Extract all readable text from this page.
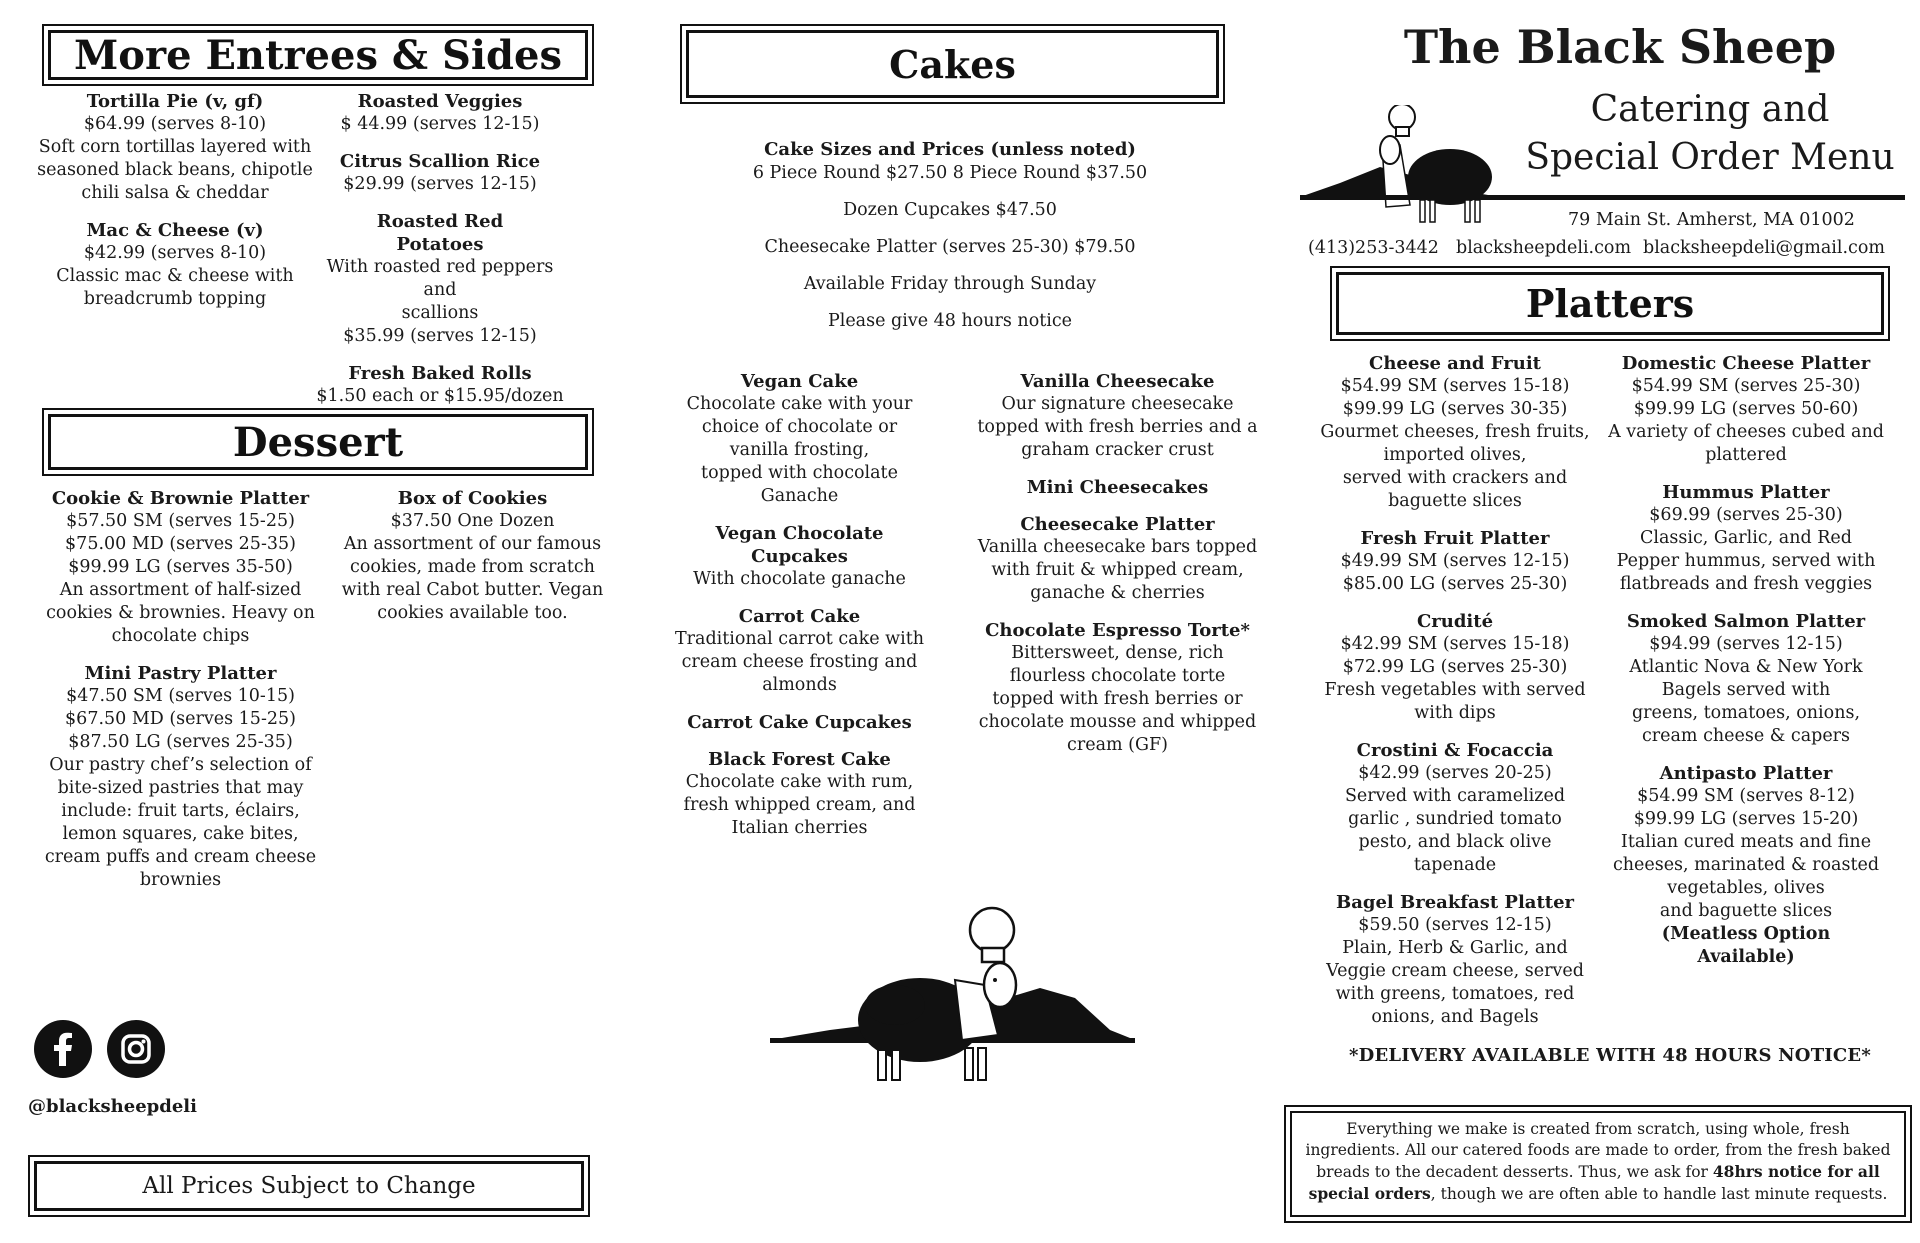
More Entrees & Sides
Tortilla Pie (v, gf)
$64.99 (serves 8-10)
Soft corn tortillas layered with
seasoned black beans, chipotle
chili salsa & cheddar
Mac & Cheese (v)
$42.99 (serves 8-10)
Classic mac & cheese with
breadcrumb topping
Roasted Veggies
$ 44.99 (serves 12-15)
Citrus Scallion Rice
$29.99 (serves 12-15)
Roasted Red
Potatoes
With roasted red peppers and
scallions
$35.99 (serves 12-15)
Fresh Baked Rolls
$1.50 each or $15.95/dozen
Dessert
Cookie & Brownie Platter
$57.50 SM (serves 15-25)
$75.00 MD (serves 25-35)
$99.99 LG (serves 35-50)
An assortment of half-sized
cookies & brownies. Heavy on
chocolate chips
Mini Pastry Platter
$47.50 SM (serves 10-15)
$67.50 MD (serves 15-25)
$87.50 LG (serves 25-35)
Our pastry chef’s selection of
bite-sized pastries that may
include: fruit tarts, éclairs,
lemon squares, cake bites,
cream puffs and cream cheese
brownies
Box of Cookies
$37.50 One Dozen
An assortment of our famous
cookies, made from scratch
with real Cabot butter. Vegan
cookies available too.
@blacksheepdeli
All Prices Subject to Change
Cakes

Cake Sizes and Prices (unless noted)

6 Piece Round $27.50 8 Piece Round $37.50

Dozen Cupcakes $47.50

Cheesecake Platter (serves 25-30) $79.50

Available Friday through Sunday

Please give 48 hours notice

Vegan Cake
Chocolate cake with your
choice of chocolate or
vanilla frosting,
topped with chocolate
Ganache
Vegan Chocolate
Cupcakes
With chocolate ganache
Carrot Cake
Traditional carrot cake with
cream cheese frosting and
almonds
Carrot Cake Cupcakes
Black Forest Cake
Chocolate cake with rum,
fresh whipped cream, and
Italian cherries
Vanilla Cheesecake
Our signature cheesecake
topped with fresh berries and a
graham cracker crust
Mini Cheesecakes
Cheesecake Platter
Vanilla cheesecake bars topped
with fruit & whipped cream,
ganache & cherries
Chocolate Espresso Torte*
Bittersweet, dense, rich
flourless chocolate torte
topped with fresh berries or
chocolate mousse and whipped
cream (GF)
The Black Sheep
Catering and
Special Order Menu
79 Main St. Amherst, MA 01002
(413)253-3442 blacksheepdeli.com blacksheepdeli@gmail.com
Platters
Cheese and Fruit
$54.99 SM (serves 15-18)
$99.99 LG (serves 30-35)
Gourmet cheeses, fresh fruits,
imported olives,
served with crackers and
baguette slices
Fresh Fruit Platter
$49.99 SM (serves 12-15)
$85.00 LG (serves 25-30)
Crudité
$42.99 SM (serves 15-18)
$72.99 LG (serves 25-30)
Fresh vegetables with served
with dips
Crostini & Focaccia
$42.99 (serves 20-25)
Served with caramelized
garlic , sundried tomato
pesto, and black olive
tapenade
Bagel Breakfast Platter
$59.50 (serves 12-15)
Plain, Herb & Garlic, and
Veggie cream cheese, served
with greens, tomatoes, red
onions, and Bagels
Domestic Cheese Platter
$54.99 SM (serves 25-30)
$99.99 LG (serves 50-60)
A variety of cheeses cubed and
plattered
Hummus Platter
$69.99 (serves 25-30)
Classic, Garlic, and Red
Pepper hummus, served with
flatbreads and fresh veggies
Smoked Salmon Platter
$94.99 (serves 12-15)
Atlantic Nova & New York
Bagels served with
greens, tomatoes, onions,
cream cheese & capers
Antipasto Platter
$54.99 SM (serves 8-12)
$99.99 LG (serves 15-20)
Italian cured meats and fine
cheeses, marinated & roasted
vegetables, olives
and baguette slices
(Meatless Option
Available)
*DELIVERY AVAILABLE WITH 48 HOURS NOTICE*
Everything we make is created from scratch, using whole, fresh ingredients. All our catered foods are made to order, from the fresh baked breads to the decadent desserts. Thus, we ask for 48hrs notice for all special orders, though we are often able to handle last minute requests.
